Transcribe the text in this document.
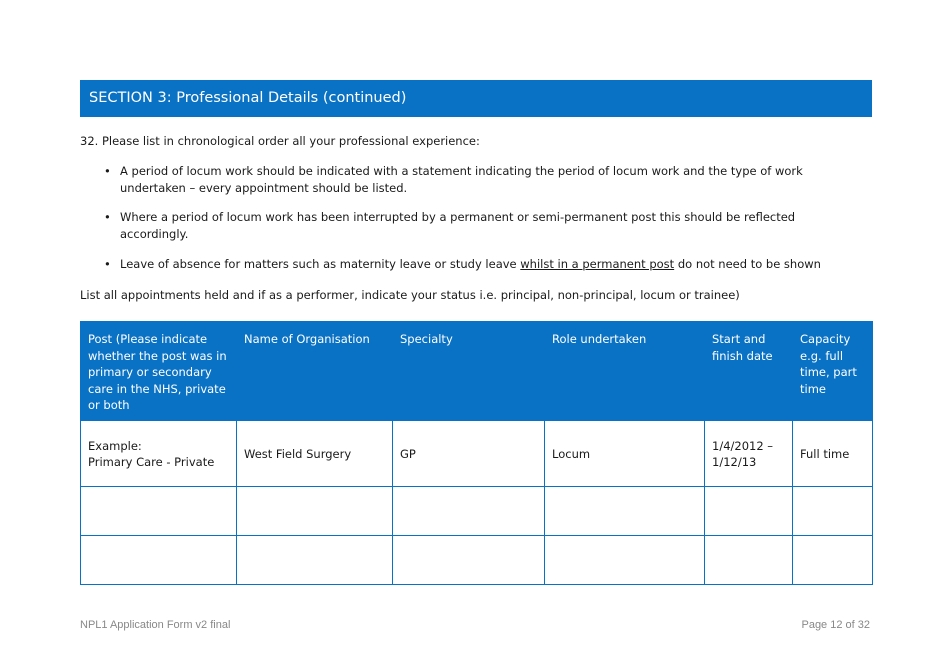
SECTION 3: Professional Details (continued)
32. Please list in chronological order all your professional experience:
• A period of locum work should be indicated with a statement indicating the period of locum work and the type of work undertaken – every appointment should be listed.
• Where a period of locum work has been interrupted by a permanent or semi-permanent post this should be reflected accordingly.
• Leave of absence for matters such as maternity leave or study leave whilst in a permanent post do not need to be shown
List all appointments held and if as a performer, indicate your status i.e. principal, non-principal, locum or trainee)
Post (Please indicate whether the post was in primary or secondary care in the NHS, private or both	Name of Organisation	Specialty	Role undertaken	Start and finish date	Capacity e.g. full time, part time

Example:
Primary Care - Private	West Field Surgery	GP	Locum	1/4/2012 – 1/12/13	Full time

NPL1 Application Form v2 final	Page 12 of 32
